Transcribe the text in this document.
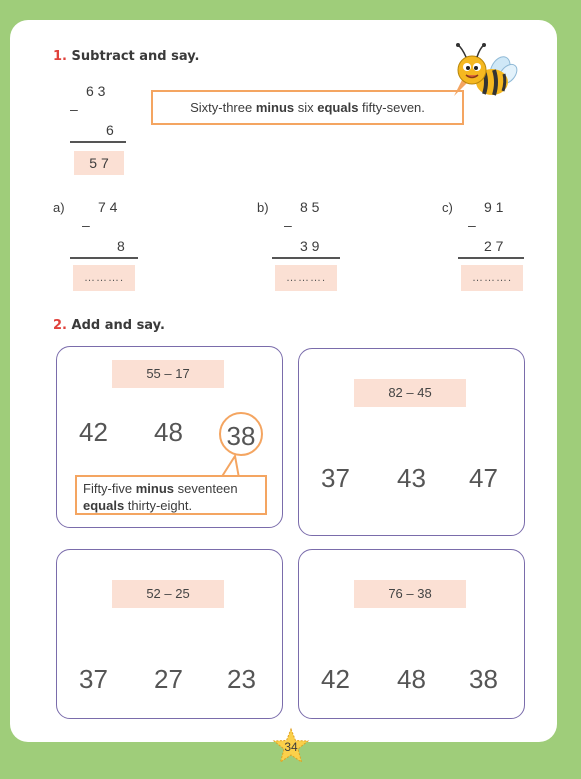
1. Subtract and say.
6 3
–
6
5 7
Sixty-three minus six equals fifty-seven.
a) 7 4
–
8
……….
b) 8 5
–
3 9
……….
c) 9 1
–
2 7
……….
2. Add and say.
55 – 17
42 48 38
Fifty-five minus seventeen
equals thirty-eight.
82 – 45
37 43 47
52 – 25
37 27 23
76 – 38
42 48 38
34
